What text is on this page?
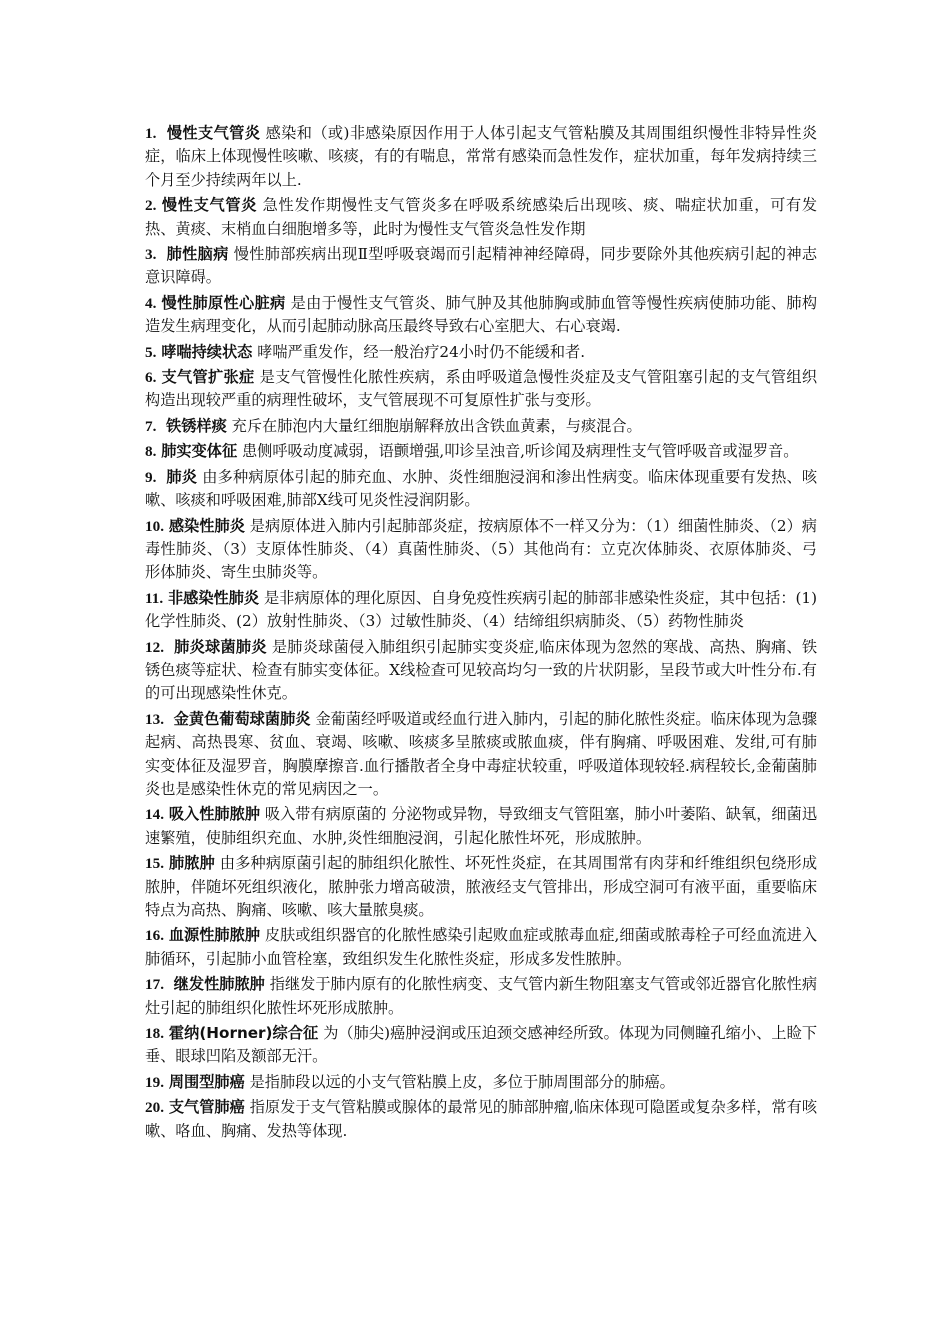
1. 慢性支气管炎 感染和（或)非感染原因作用于人体引起支气管粘膜及其周围组织慢性非特异性炎症，临床上体现慢性咳嗽、咳痰，有的有喘息，常常有感染而急性发作，症状加重，每年发病持续三个月至少持续两年以上.

2. 慢性支气管炎 急性发作期慢性支气管炎多在呼吸系统感染后出现咳、痰、喘症状加重，可有发热、黄痰、末梢血白细胞增多等，此时为慢性支气管炎急性发作期

3. 肺性脑病 慢性肺部疾病出现Ⅱ型呼吸衰竭而引起精神神经障碍，同步要除外其他疾病引起的神志意识障碍。

4. 慢性肺原性心脏病 是由于慢性支气管炎、肺气肿及其他肺胸或肺血管等慢性疾病使肺功能、肺构造发生病理变化，从而引起肺动脉高压最终导致右心室肥大、右心衰竭.

5. 哮喘持续状态 哮喘严重发作，经一般治疗24小时仍不能缓和者.

6. 支气管扩张症 是支气管慢性化脓性疾病，系由呼吸道急慢性炎症及支气管阻塞引起的支气管组织构造出现较严重的病理性破坏，支气管展现不可复原性扩张与变形。

7. 铁锈样痰 充斥在肺泡内大量红细胞崩解释放出含铁血黄素，与痰混合。

8. 肺实变体征 患侧呼吸动度减弱，语颤增强,叩诊呈浊音,听诊闻及病理性支气管呼吸音或湿罗音。

9. 肺炎 由多种病原体引起的肺充血、水肿、炎性细胞浸润和渗出性病变。临床体现重要有发热、咳嗽、咳痰和呼吸困难,肺部X线可见炎性浸润阴影。

10. 感染性肺炎 是病原体进入肺内引起肺部炎症，按病原体不一样又分为：（1）细菌性肺炎、（2）病毒性肺炎、（3）支原体性肺炎、（4）真菌性肺炎、（5）其他尚有：立克次体肺炎、衣原体肺炎、弓形体肺炎、寄生虫肺炎等。

11. 非感染性肺炎 是非病原体的理化原因、自身免疫性疾病引起的肺部非感染性炎症，其中包括：(1)化学性肺炎、(2）放射性肺炎、（3）过敏性肺炎、（4）结缔组织病肺炎、（5）药物性肺炎

12. 肺炎球菌肺炎 是肺炎球菌侵入肺组织引起肺实变炎症,临床体现为忽然的寒战、高热、胸痛、铁锈色痰等症状、检查有肺实变体征。X线检查可见较高均匀一致的片状阴影，呈段节或大叶性分布.有的可出现感染性休克。

13. 金黄色葡萄球菌肺炎 金葡菌经呼吸道或经血行进入肺内，引起的肺化脓性炎症。临床体现为急骤起病、高热畏寒、贫血、衰竭、咳嗽、咳痰多呈脓痰或脓血痰，伴有胸痛、呼吸困难、发绀,可有肺实变体征及湿罗音，胸膜摩擦音.血行播散者全身中毒症状较重，呼吸道体现较轻.病程较长,金葡菌肺炎也是感染性休克的常见病因之一。

14. 吸入性肺脓肿 吸入带有病原菌的 分泌物或异物，导致细支气管阻塞，肺小叶萎陷、缺氧，细菌迅速繁殖，使肺组织充血、水肿,炎性细胞浸润，引起化脓性坏死，形成脓肿。

15. 肺脓肿 由多种病原菌引起的肺组织化脓性、坏死性炎症，在其周围常有肉芽和纤维组织包绕形成脓肿，伴随坏死组织液化，脓肿张力增高破溃，脓液经支气管排出，形成空洞可有液平面，重要临床特点为高热、胸痛、咳嗽、咳大量脓臭痰。

16. 血源性肺脓肿 皮肤或组织器官的化脓性感染引起败血症或脓毒血症,细菌或脓毒栓子可经血流进入肺循环，引起肺小血管栓塞，致组织发生化脓性炎症，形成多发性脓肿。

17. 继发性肺脓肿 指继发于肺内原有的化脓性病变、支气管内新生物阻塞支气管或邻近器官化脓性病灶引起的肺组织化脓性坏死形成脓肿。

18. 霍纳(Horner)综合征 为（肺尖)癌肿浸润或压迫颈交感神经所致。体现为同侧瞳孔缩小、上睑下垂、眼球凹陷及额部无汗。

19. 周围型肺癌 是指肺段以远的小支气管粘膜上皮，多位于肺周围部分的肺癌。

20. 支气管肺癌 指原发于支气管粘膜或腺体的最常见的肺部肿瘤,临床体现可隐匿或复杂多样，常有咳嗽、咯血、胸痛、发热等体现.
